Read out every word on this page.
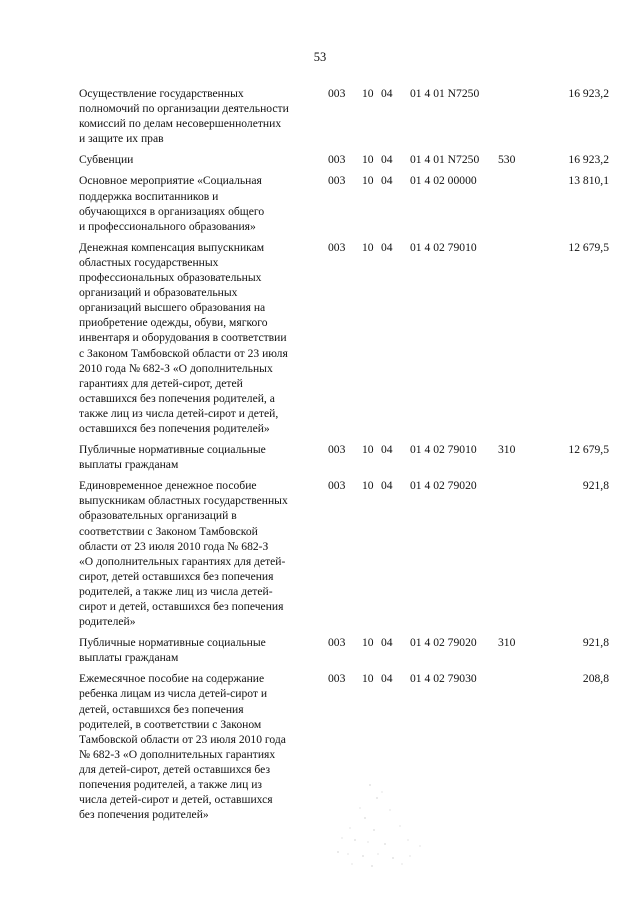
53
Осуществление государственных
полномочий по организации деятельности
комиссий по делам несовершеннолетних
и защите их прав
003 10 04 01 4 01 N7250	16 923,2
Субвенции	003 10 04 01 4 01 N7250 530	16 923,2
Основное мероприятие «Социальная
поддержка воспитанников и
обучающихся в организациях общего
и профессионального образования»
003 10 04 01 4 02 00000	13 810,1
Денежная компенсация выпускникам
областных государственных
профессиональных образовательных
организаций и образовательных
организаций высшего образования на
приобретение одежды, обуви, мягкого
инвентаря и оборудования в соответствии
с Законом Тамбовской области от 23 июля
2010 года № 682-З «О дополнительных
гарантиях для детей-сирот, детей
оставшихся без попечения родителей, а
также лиц из числа детей-сирот и детей,
оставшихся без попечения родителей»
003 10 04 01 4 02 79010	12 679,5
Публичные нормативные социальные
выплаты гражданам
003 10 04 01 4 02 79010 310	12 679,5
Единовременное денежное пособие
выпускникам областных государственных
образовательных организаций в
соответствии с Законом Тамбовской
области от 23 июля 2010 года № 682-З
«О дополнительных гарантиях для детей-
сирот, детей оставшихся без попечения
родителей, а также лиц из числа детей-
сирот и детей, оставшихся без попечения
родителей»
003 10 04 01 4 02 79020	921,8
Публичные нормативные социальные
выплаты гражданам
003 10 04 01 4 02 79020 310	921,8
Ежемесячное пособие на содержание
ребенка лицам из числа детей-сирот и
детей, оставшихся без попечения
родителей, в соответствии с Законом
Тамбовской области от 23 июля 2010 года
№ 682-З «О дополнительных гарантиях
для детей-сирот, детей оставшихся без
попечения родителей, а также лиц из
числа детей-сирот и детей, оставшихся
без попечения родителей»
003 10 04 01 4 02 79030	208,8
